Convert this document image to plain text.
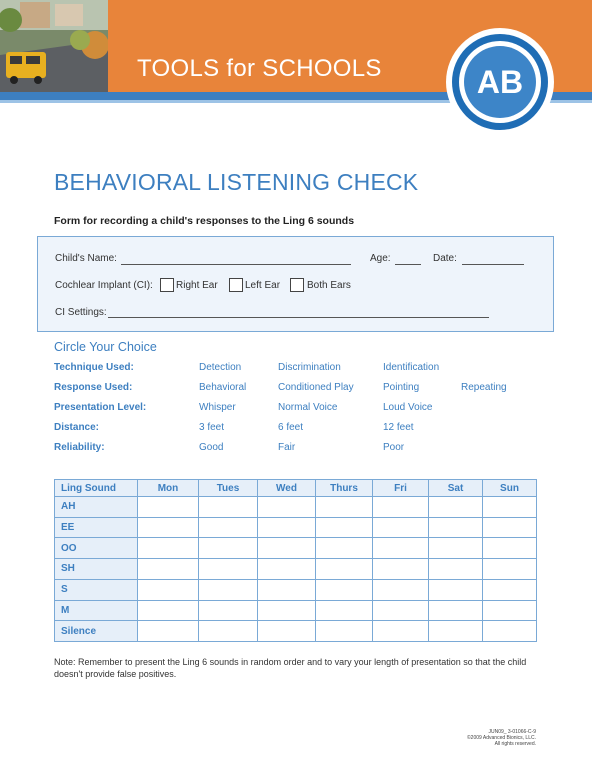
TOOLS for SCHOOLS	AB
BEHAVIORAL LISTENING CHECK
Form for recording a child's responses to the Ling 6 sounds
Child's Name:	Age:	Date:
Cochlear Implant (CI): Right Ear	Left Ear	Both Ears
CI Settings:
Circle Your Choice
Technique Used:	Detection	Discrimination	Identification
Response Used:	Behavioral	Conditioned Play	Pointing	Repeating
Presentation Level:	Whisper	Normal Voice	Loud Voice
Distance:	3 feet	6 feet	12 feet
Reliability:	Good	Fair	Poor
Ling Sound	Mon	Tues	Wed	Thurs	Fri	Sat	Sun
AH							
EE							
OO							
SH							
S							
M							
Silence							
Note: Remember to present the Ling 6 sounds in random order and to vary your length of presentation so that the child doesn't provide false positives.
JUN09_ 3-01066-C-9
©2009 Advanced Bionics, LLC.
All rights reserved.
